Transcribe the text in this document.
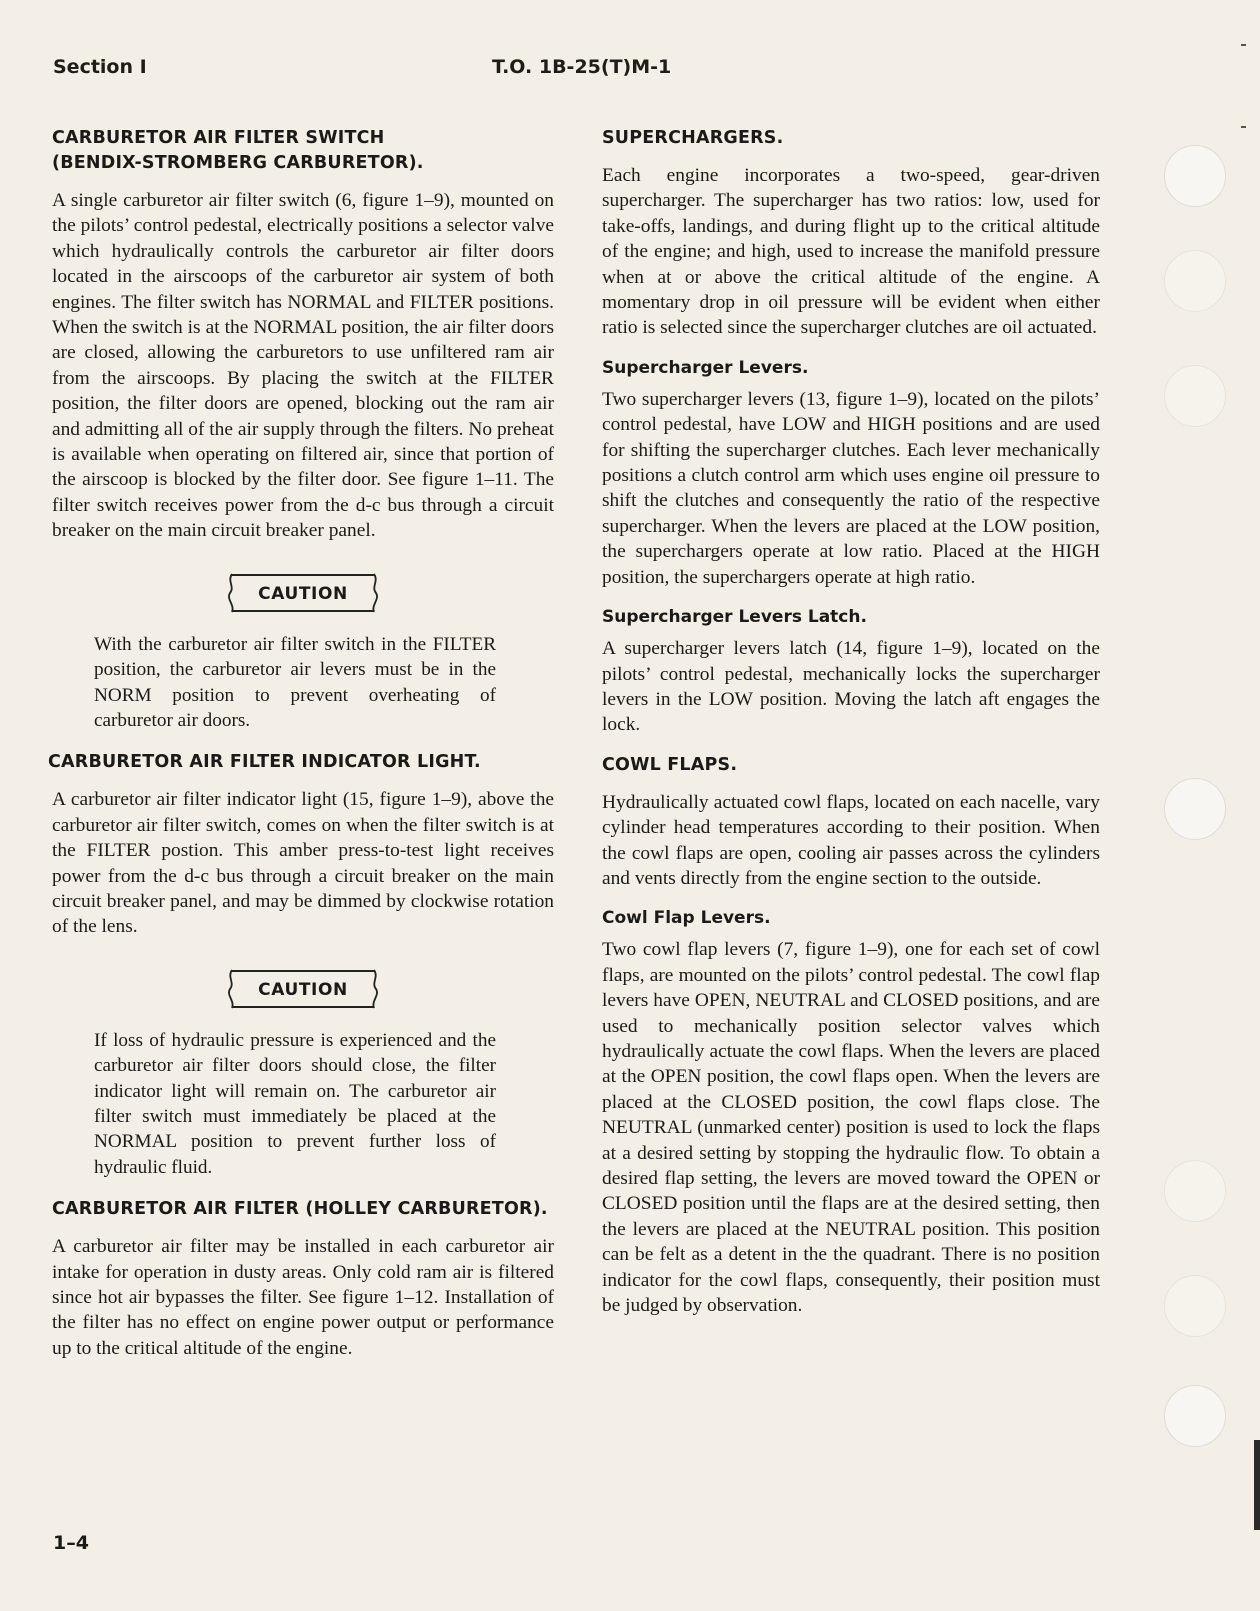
Section I	T.O. 1B-25(T)M-1
CARBURETOR AIR FILTER SWITCH
(BENDIX-STROMBERG CARBURETOR).

A single carburetor air filter switch (6, figure 1–9), mounted on the pilots’ control pedestal, electrically positions a selector valve which hydraulically controls the carburetor air filter doors located in the airscoops of the carburetor air system of both engines. The filter switch has NORMAL and FILTER positions. When the switch is at the NORMAL position, the air filter doors are closed, allowing the carburetors to use unfiltered ram air from the airscoops. By placing the switch at the FILTER position, the filter doors are opened, blocking out the ram air and admitting all of the air supply through the filters. No preheat is available when operating on filtered air, since that portion of the airscoop is blocked by the filter door. See figure 1–11. The filter switch receives power from the d-c bus through a circuit breaker on the main circuit breaker panel.

CAUTION

With the carburetor air filter switch in the FILTER position, the carburetor air levers must be in the NORM position to prevent overheating of carburetor air doors.

CARBURETOR AIR FILTER INDICATOR LIGHT.

A carburetor air filter indicator light (15, figure 1–9), above the carburetor air filter switch, comes on when the filter switch is at the FILTER postion. This amber press-to-test light receives power from the d-c bus through a circuit breaker on the main circuit breaker panel, and may be dimmed by clockwise rotation of the lens.

CAUTION

If loss of hydraulic pressure is experienced and the carburetor air filter doors should close, the filter indicator light will remain on. The carburetor air filter switch must immediately be placed at the NORMAL position to prevent further loss of hydraulic fluid.

CARBURETOR AIR FILTER (HOLLEY CARBURETOR).

A carburetor air filter may be installed in each carburetor air intake for operation in dusty areas. Only cold ram air is filtered since hot air bypasses the filter. See figure 1–12. Installation of the filter has no effect on engine power output or performance up to the critical altitude of the engine.

SUPERCHARGERS.

Each engine incorporates a two-speed, gear-driven supercharger. The supercharger has two ratios: low, used for take-offs, landings, and during flight up to the critical altitude of the engine; and high, used to increase the manifold pressure when at or above the critical altitude of the engine. A momentary drop in oil pressure will be evident when either ratio is selected since the supercharger clutches are oil actuated.

Supercharger Levers.

Two supercharger levers (13, figure 1–9), located on the pilots’ control pedestal, have LOW and HIGH positions and are used for shifting the supercharger clutches. Each lever mechanically positions a clutch control arm which uses engine oil pressure to shift the clutches and consequently the ratio of the respective supercharger. When the levers are placed at the LOW position, the superchargers operate at low ratio. Placed at the HIGH position, the superchargers operate at high ratio.

Supercharger Levers Latch.

A supercharger levers latch (14, figure 1–9), located on the pilots’ control pedestal, mechanically locks the supercharger levers in the LOW position. Moving the latch aft engages the lock.

COWL FLAPS.

Hydraulically actuated cowl flaps, located on each nacelle, vary cylinder head temperatures according to their position. When the cowl flaps are open, cooling air passes across the cylinders and vents directly from the engine section to the outside.

Cowl Flap Levers.

Two cowl flap levers (7, figure 1–9), one for each set of cowl flaps, are mounted on the pilots’ control pedestal. The cowl flap levers have OPEN, NEUTRAL and CLOSED positions, and are used to mechanically position selector valves which hydraulically actuate the cowl flaps. When the levers are placed at the OPEN position, the cowl flaps open. When the levers are placed at the CLOSED position, the cowl flaps close. The NEUTRAL (unmarked center) position is used to lock the flaps at a desired setting by stopping the hydraulic flow. To obtain a desired flap setting, the levers are moved toward the OPEN or CLOSED position until the flaps are at the desired setting, then the levers are placed at the NEUTRAL position. This position can be felt as a detent in the the quadrant. There is no position indicator for the cowl flaps, consequently, their position must be judged by observation.

1–4
